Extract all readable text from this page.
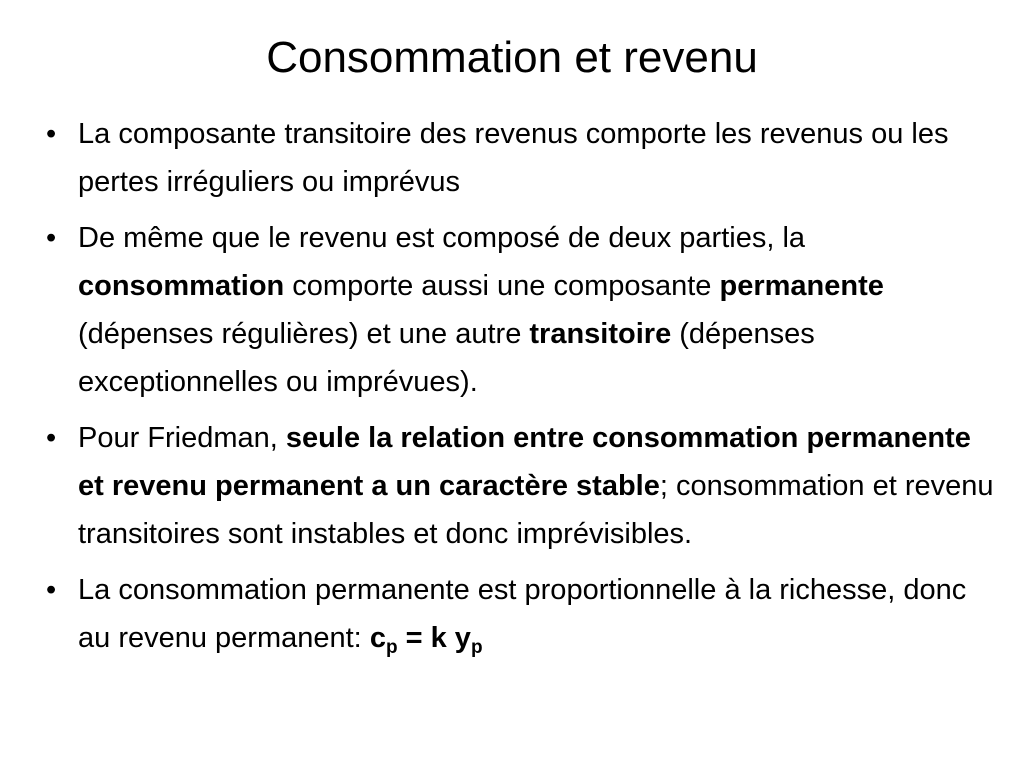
Consommation et revenu
• La composante transitoire des revenus comporte les revenus ou les pertes irréguliers ou imprévus
• De même que le revenu est composé de deux parties, la consommation comporte aussi une composante permanente (dépenses régulières) et une autre transitoire (dépenses exceptionnelles ou imprévues).
• Pour Friedman, seule la relation entre consommation permanente et revenu permanent a un caractère stable; consommation et revenu transitoires sont instables et donc imprévisibles.
• La consommation permanente est proportionnelle à la richesse, donc au revenu permanent: $c_p = k$ $y_p$
